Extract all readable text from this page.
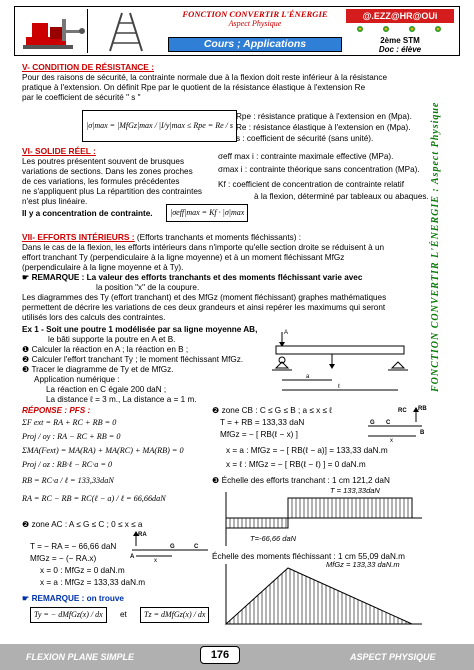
FONCTION CONVERTIR L'ÉNERGIE
Aspect Physique
Cours ; Applications
@.EZZ@HR@OUi
2ème STM
Doc : élève
FONCTION CONVERTIR L'ÉNERGIE : Aspect Physique
V- CONDITION DE RÉSISTANCE :
Pour des raisons de sécurité, la contrainte normale due à la flexion doit reste inférieur à la résistance
pratique à l'extension. On définit Rpe par le quotient de la résistance élastique à l'extension Re
par le coefficient de sécurité " s "
|σ|max = |MfGz|max / |I/y|max ≤ Rpe = Re / s
Rpe : résistance pratique à l'extension en (Mpa).
Re : résistance élastique à l'extension en (Mpa).
s : coefficient de sécurité (sans unité).
VI- SOLIDE RÉEL :
Les poutres présentent souvent de brusques
variations de sections. Dans les zones proches
de ces variations, les formules précédentes
ne s'appliquent plus La répartition des contraintes
n'est plus linéaire.
Il y a concentration de contrainte.	|σeff|max = Kf · |σ|max
σeff max i : contrainte maximale effective (MPa).
σmax i : contrainte théorique sans concentration (MPa).
Kf : coefficient de concentration de contrainte relatif
à la flexion, déterminé par tableaux ou abaques.
VII- EFFORTS INTÉRIEURS : (Efforts tranchants et moments fléchissants) :
Dans le cas de la flexion, les efforts intérieurs dans n'importe qu'elle section droite se réduisent à un
effort tranchant Ty (perpendiculaire à la ligne moyenne) et à un moment fléchissant MfGz
(perpendiculaire à la ligne moyenne et à Ty).
☛ REMARQUE : La valeur des efforts tranchants et des moments fléchissant varie avec
la position "x" de la coupure.
Les diagrammes des Ty (effort tranchant) et des MfGz (moment fléchissant) graphes mathématiques
permettent de décrire les variations de ces deux grandeurs et ainsi repérer les maximums qui seront
utilisés lors des calculs des contraintes.
Ex 1 - Soit une poutre 1 modélisée par sa ligne moyenne AB,
le bâti supporte la poutre en A et B.
❶ Calculer la réaction en A ; la réaction en B ;
❷ Calculer l'effort tranchant Ty ; le moment fléchissant MfGz.
❸ Tracer le diagramme de Ty et de MfGz.
Application numérique :
La réaction en C égale 200 daN ;
La distance ℓ = 3 m., La distance a = 1 m.
A
a
ℓ
RÉPONSE : PFS :
ΣF ext = RA + RC + RB = 0
Proj / oy : RA − RC + RB = 0
ΣMA(Fext) = MA(RA) + MA(RC) + MA(RB) = 0
Proj / oz : RB·ℓ − RC·a = 0
RB = RC·a / ℓ = 133,33daN
RA = RC − RB = RC(ℓ − a) / ℓ = 66,66daN
❷ zone AC : A ≤ G ≤ C ; 0 ≤ x ≤ a
RA
A
G	C
x
T = − RA = − 66,66 daN
MfGz = − (− RA.x)
x = 0 : MfGz = 0 daN.m
x = a : MfGz = 133,33 daN.m
☛ REMARQUE : on trouve
Ty = − dMfGz(x) / dx	et	Tz = dMfGz(x) / dx
❷ zone CB : C ≤ G ≤ B ; a ≤ x ≤ ℓ
T = + RB = 133,33 daN
MfGz = − [ RB(ℓ − x) ]
RC RB
G C
B
x
x = a : MfGz = − [ RB(ℓ − a)] = 133,33 daN.m
x = ℓ : MfGz = − [ RB(ℓ − ℓ) ] = 0 daN.m
❸ Échelle des efforts tranchant : 1 cm 121,2 daN
T = 133,33daN
T=-66,66 daN
Échelle des moments fléchissant : 1 cm 55,09 daN.m
MfGz = 133,33 daN.m
FLEXION PLANE SIMPLE	ASPECT PHYSIQUE
176
